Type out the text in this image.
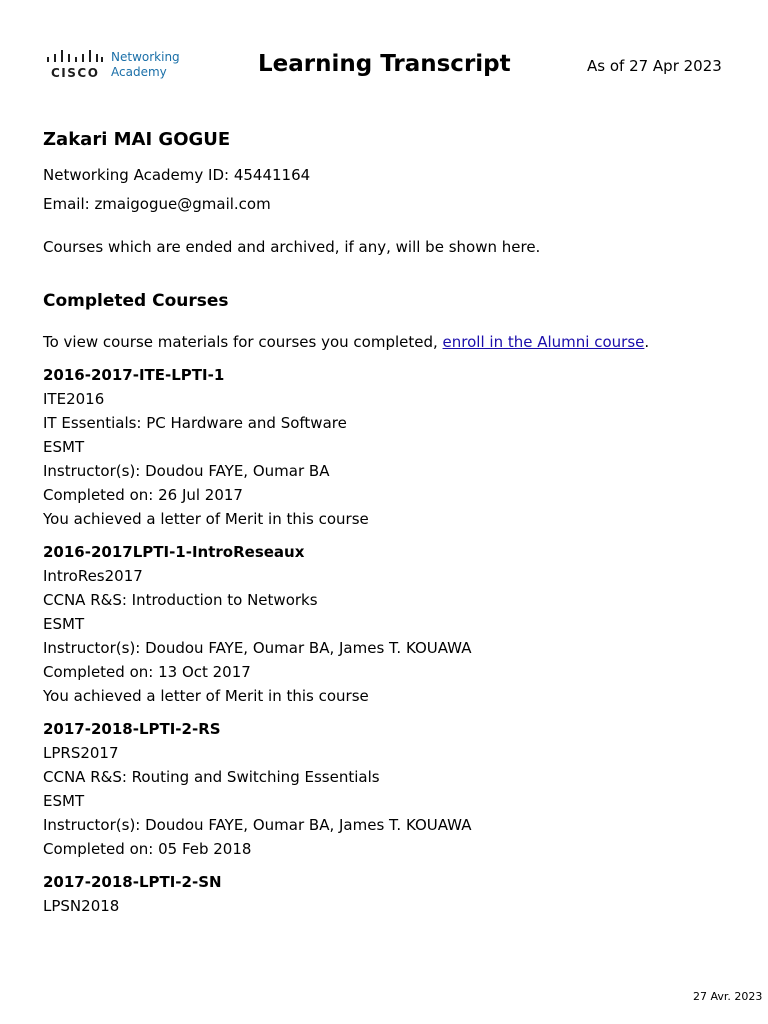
CISCO
Networking
Academy	Learning Transcript	As of 27 Apr 2023
Zakari MAI GOGUE
Networking Academy ID: 45441164
Email: zmaigogue@gmail.com
Courses which are ended and archived, if any, will be shown here.
Completed Courses
To view course materials for courses you completed, enroll in the Alumni course.
2016-2017-ITE-LPTI-1
ITE2016
IT Essentials: PC Hardware and Software
ESMT
Instructor(s): Doudou FAYE, Oumar BA
Completed on: 26 Jul 2017
You achieved a letter of Merit in this course
2016-2017LPTI-1-IntroReseaux
IntroRes2017
CCNA R&S: Introduction to Networks
ESMT
Instructor(s): Doudou FAYE, Oumar BA, James T. KOUAWA
Completed on: 13 Oct 2017
You achieved a letter of Merit in this course
2017-2018-LPTI-2-RS
LPRS2017
CCNA R&S: Routing and Switching Essentials
ESMT
Instructor(s): Doudou FAYE, Oumar BA, James T. KOUAWA
Completed on: 05 Feb 2018
2017-2018-LPTI-2-SN
LPSN2018
27 Avr. 2023
